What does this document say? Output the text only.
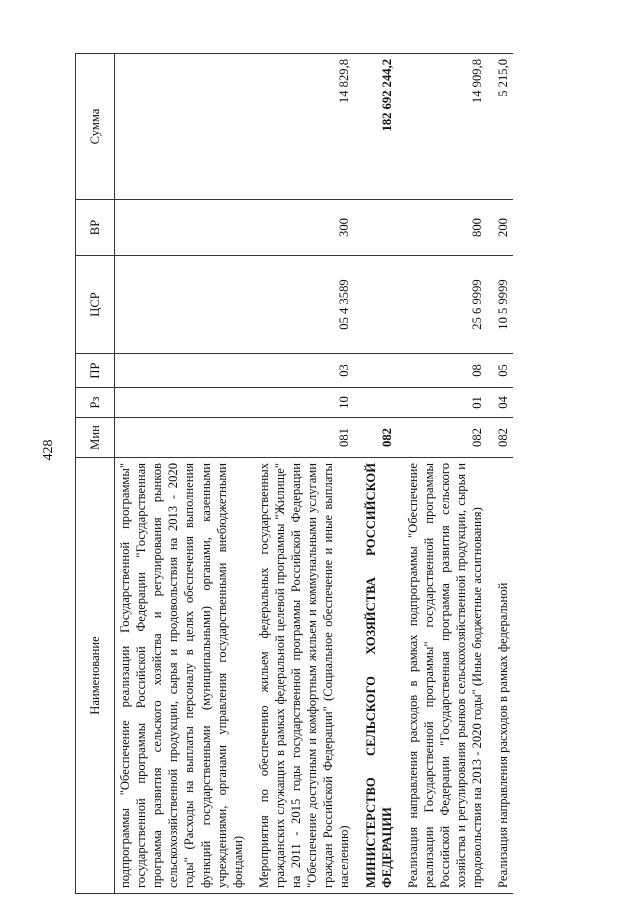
428
Наименование	Мин	Рз	ПР	ЦСР	ВР	Сумма
подпрограммы "Обеспечение реализации Государственной программы" государственной программы Российской Федерации "Государственная программа развития сельского хозяйства и регулирования рынков сельскохозяйственной продукции, сырья и продовольствия на 2013 - 2020 годы" (Расходы на выплаты персоналу в целях обеспечения выполнения функций государственными (муниципальными) органами, казенными учреждениями, органами управления государственными внебюджетными фондами)						
Мероприятия по обеспечению жильем федеральных государственных гражданских служащих в рамках федеральной целевой программы "Жилище" на 2011 - 2015 годы государственной программы Российской Федерации "Обеспечение доступным и комфортным жильем и коммунальными услугами граждан Российской Федерации" (Социальное обеспечение и иные выплаты населению)	081	10	03	05 4 3589	300	14 829,8
МИНИСТЕРСТВО СЕЛЬСКОГО ХОЗЯЙСТВА РОССИЙСКОЙ ФЕДЕРАЦИИ	082					182 692 244,2
Реализация направления расходов в рамках подпрограммы "Обеспечение реализации Государственной программы" государственной программы Российской Федерации "Государственная программа развития сельского хозяйства и регулирования рынков сельскохозяйственной продукции, сырья и продовольствия на 2013 - 2020 годы" (Иные бюджетные ассигнования)	082	01	08	25 6 9999	800	14 909,8
Реализация направления расходов в рамках федеральной	082	04	05	10 5 9999	200	5 215,0
